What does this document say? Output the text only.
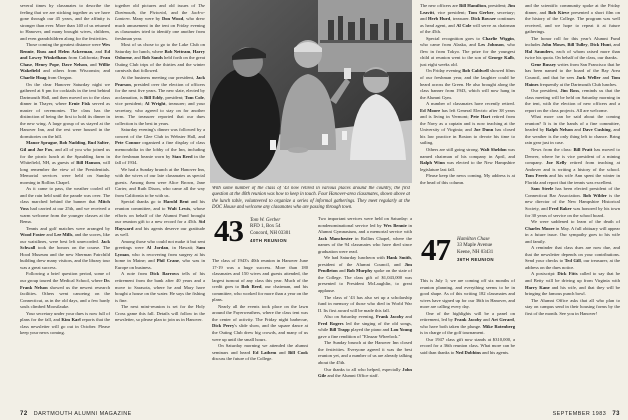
several times by classmates to describe the feeling that we are sticking together as we have gone through our 45 years, and the affinity is stronger than ever. More than 140 of us returned to Hanover, and many brought wives, children, and even grandchildren along for the festivities.

Those coming the greatest distance were Wes Bennie, Russ and Helen Ackerman, and Ed and Lowey Winkelhaus from California; Fran Chase, Henry Pope, Dave Nelson, and Willie Wakefield and others from Wisconsin; and Charlie Hoag from Oregon.

On the clear Hanover Saturday night we gathered at 6 pm for cocktails in the tent behind Dartmouth Hall, and then moved on to the class dinner in Thayer, where Ernie Fisk served as master of ceremonies. The class has the distinction of being the first to hold its dinner in the new wing. A large group of us stayed at the Hanover Inn, and the rest were housed in the dormitories on the hill.

Manor Sprague, Bob Nadding, Bud Salter, Gil and Joe Fox, and all of you who joined us for the picnic lunch at the Spaulding farm in Whitefield, NH, as guests of Bill Hanson, will long remember the view of the Presidentials. Memorial services were held on Sunday morning in Rollins Chapel.

As it came to pass, the weather cooled off and the rain held until the parade was over. The class marched behind the banner that Mitch Voss had carried at our 25th, and we received a warm welcome from the younger classes at the Bema.

Tennis and golf matches were arranged by Wood Foster and Lee Mills, and the scores, like our waistlines, were best left unrecorded. Jack Schwall took the honors on the course. The Hood Museum and the new Sherman Fairchild building drew many visitors, and the library tour was a great success.

Following a brief question period, some of our group toured the Medical School, where Dr. Frank Nelson showed us the newest research facilities. Others went canoeing on the Connecticut, as in the old days, and a few hardy souls climbed Moosilauke.

Your secretary under your dues is now full of plans for the fall, and Kim Karl reports that the class newsletter will go out in October. Please keep your news coming.

together old pictures and old issues of The Dartmouth, the Pictorial, and the Jack-o-Lantern. Many were by Don Wood, who drew much amusement in the tent on Friday evening as classmates tried to identify one another from freshman year.

Most of us chose to go to the Lake Club on Saturday for lunch, where Bob Nettram, Harry Osborne, and Bob Sands held forth on the great Outing Club trips of the thirties and the winter carnivals that followed.

At the business meeting our president, Jack Pearson, presided over the election of officers for the next five years. The new slate, elected by acclamation, is Bill Eddy, president; Tom Cole, vice president; Al Wright, treasurer; and your secretary, who agreed to stay on for another term. The treasurer reported that our dues collection is the best in years.

Saturday evening's dinner was followed by a concert of the Glee Club in Webster Hall, and Pete Connor organized a fine display of class memorabilia in the lobby of the Inn, including the freshman beanie worn by Stan Reed in the fall of 1934.

We had a Sunday brunch at the Hanover Inn, with the wives of our late classmates as special guests. Among them were Alice Brown, Jane Carter, and Ruth Dixon, who came all the way from California to be with us.

Special thanks go to Harold Bent and his reunion committee, and to Walt Lewis, whose efforts on behalf of the Alumni Fund brought our reunion gift to a new record for a 45th. Sid Hayward and his agents deserve our gratitude as well.

Among those who could not make it but sent greetings were Al Jordan, in Hawaii; Sam Lyman, who is recovering from surgery at his home in Maine; and Phil Crane, who was in Europe on business.

A note from Dick Barrows tells of his retirement from the bank after 40 years and a move to Sarasota, where he and Mary have bought a house on the water. He says the fishing is fine.

The next mini-reunion is set for the Holy Cross game this fall. Details will follow in the newsletter, so please plan to join us in Hanover.

With some number of the class of '43 now retired in various places around the country, the first question at the 40th reunion was how to keep in touch. Four Hanover-area classmates, shown above at the lunch table, volunteered to organize a series of informal gatherings. They meet regularly at the DOC House and welcome any classmates who are passing through town.
43 Tom W. Gerber
RFD 1, Box 54
Concord, NH 03301
40TH REUNION

The class of 1943's 40th reunion in Hanover June 17-19 was a huge success. More than 180 classmates and 150 wives and guests attended, the largest turnout of any class this year. Much of the credit goes to Bob Reed, our chairman, and his committee, who worked for more than a year on the plans.

Nearly all the events took place on the lawn around the Fayerweathers, where the class tent was the center of activity. The Friday night barbecue, Dick Perry's slide show, and the square dance at the Outing Club drew big crowds, and many of us were up until the small hours.

On Saturday morning we attended the alumni seminars and heard Ed Lathem and Bill Cook discuss the future of the College.

Two important services were held on Saturday: a nondenominational service led by Wes Bennie in Alumni Gymnasium, and a memorial service with Jack Manchester in Rollins Chapel, where the names of the 94 classmates who have died since graduation were read.

We had Saturday luncheon with Hank Smith, president of the Alumni Council, and Jim Pendleton and Bob Murphy spoke on the state of the College. The class gift of $1,043,000 was presented to President McLaughlin, to great applause.

The class of '43 has also set up a scholarship fund in memory of those who died in World War II. Its first award will be made this fall.

Also on Saturday evening, Frank Jacoby and Fred Rogers led the singing of the old songs, while Bill Trapp played the piano and Lou Young gave a fine rendition of "Eleazar Wheelock."

The Sunday brunch at the Hanover Inn closed the festivities. Everyone agreed it was the best reunion yet, and a number of us are already talking about the 45th.

Our thanks to all who helped, especially John Gile and the Alumni Office staff.

The new officers are Bill Hamilton, president; Jim Leavitt, vice president; Tom Gerber, secretary; and Herb Hurd, treasurer. Dick Bowser continues as head agent, and Al Cole will serve as chairman of the 45th.

Special recognition goes to Charlie Wiggin, who came from Alaska, and Les Johnson, who flew in from Tokyo. The prize for the youngest child at reunion went to the son of George Kalb, just eight weeks old.

On Friday evening Bob Caldwell showed films of our freshman year, and the laughter could be heard across the Green. He also brought along the class banner from 1943, which will now hang in the Alumni Gym.

A number of classmates have recently retired. Ed Moore has left General Electric after 38 years and is living in Vermont; Pete Hart retired from the Navy as a captain and is now teaching at the University of Virginia; and Joe Dunn has closed his law practice in Boston to devote his time to sailing.

Others are still going strong. Walt Sheldon was named chairman of his company in April, and Ralph Winn was elected to the New Hampshire legislature last fall.

Please keep the news coming. My address is at the head of this column.

47 Hamilton Chase
33 Maple Avenue
Keene, NH 03431
36TH REUNION

This is July 1; we are coming off six months of reunion planning, and everything seems to be in good shape. As of this writing 182 classmates and wives have signed up for our 36th in Hanover, and more are calling every day.

One of the highlights will be a panel on retirement, led by Frank Jacoby and Art Gerard, who have both taken the plunge. Mike Rotenberg is in charge of the golf tournament.

Our 1947 class gift now stands at $310,000, a record for a 36th reunion class. What more can be said than thanks to Ned Dobbins and his agents.

and the scientific community spoke at the Friday dinner, and Bob Kieve presented a short film on the history of the College. The program was well received, and we hope to repeat it at future gatherings.

The honor roll for this year's Alumni Fund includes John Moses, Bill Tulley, Dick Hunt, and Hal Saunders, each of whom raised more than twice his quota. On behalf of the class, our thanks.

Gene Bussey writes from San Francisco that he has been named to the board of the Bay Area Council, and that he sees Jack Weller and Tom Haines frequently at the Dartmouth Club lunches.

Our president, Jim Ross, reminds us that the class meeting will be held on Saturday morning in the tent, with the election of new officers and a report on the class projects. All are welcome.

What more can be said about the coming reunion? It is in the hands of a fine committee, headed by Ralph Nelson and Dave Cushing, and the weather is the only thing left to chance. Bring rain gear just in case.

News from the class: Bill Pratt has moved to Denver, where he is vice president of a mining company. Joe Kelly retired from teaching at Andover and is writing a history of the school. Tom Ferris and his wife Ann spent the winter in Florida and report that the tennis was excellent.

Sam Steele has been elected president of the Connecticut Bar Association. Bob Wilder is the new director of the New Hampshire Historical Society, and Fred Baker was honored by his town for 30 years of service on the school board.

We were saddened to learn of the death of Charles Moore in May. A full obituary will appear in a future issue. Our sympathy goes to his wife and family.

A reminder that class dues are now due, and that the newsletter depends on your contributions. Send your checks to Ted Gill, our treasurer, at the address on the dues notice.

A postscript: Dick Fitts called to say that he and Betty will be driving up from Virginia with Harry Kane and his wife, and that they will be bringing the famous punch bowl.

The Alumni Office asks that all who plan to stay on campus send in their housing forms by the first of the month. See you in Hanover!

72 DARTMOUTH ALUMNI MAGAZINE	SEPTEMBER 1983 73
